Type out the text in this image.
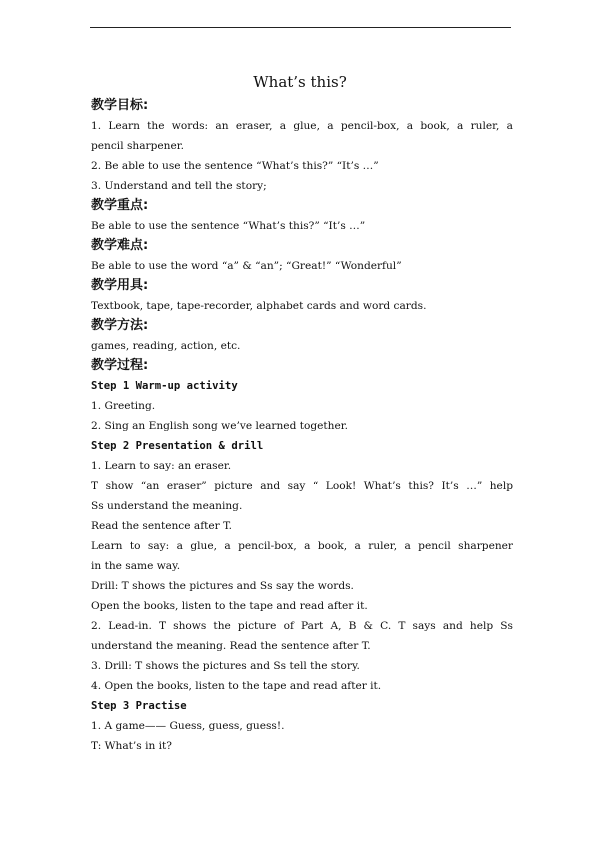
What’s this?
教学目标:
1. Learn the words: an eraser, a glue, a pencil-box, a book, a ruler, a
pencil sharpener.
2. Be able to use the sentence “What’s this?” “It’s …”
3. Understand and tell the story;
教学重点:
Be able to use the sentence “What’s this?” “It’s …”
教学难点:
Be able to use the word “a” & “an”; “Great!” “Wonderful”
教学用具:
Textbook, tape, tape-recorder, alphabet cards and word cards.
教学方法:
games, reading, action, etc.
教学过程:
Step 1 Warm-up activity
1. Greeting.
2. Sing an English song we’ve learned together.
Step 2 Presentation & drill
1. Learn to say: an eraser.
T show “an eraser” picture and say “ Look! What’s this? It’s …” help
Ss understand the meaning.
Read the sentence after T.
Learn to say: a glue, a pencil-box, a book, a ruler, a pencil sharpener
in the same way.
Drill: T shows the pictures and Ss say the words.
Open the books, listen to the tape and read after it.
2. Lead-in. T shows the picture of Part A, B & C. T says and help Ss
understand the meaning. Read the sentence after T.
3. Drill: T shows the pictures and Ss tell the story.
4. Open the books, listen to the tape and read after it.
Step 3 Practise
1. A game—— Guess, guess, guess!.
T: What’s in it?
